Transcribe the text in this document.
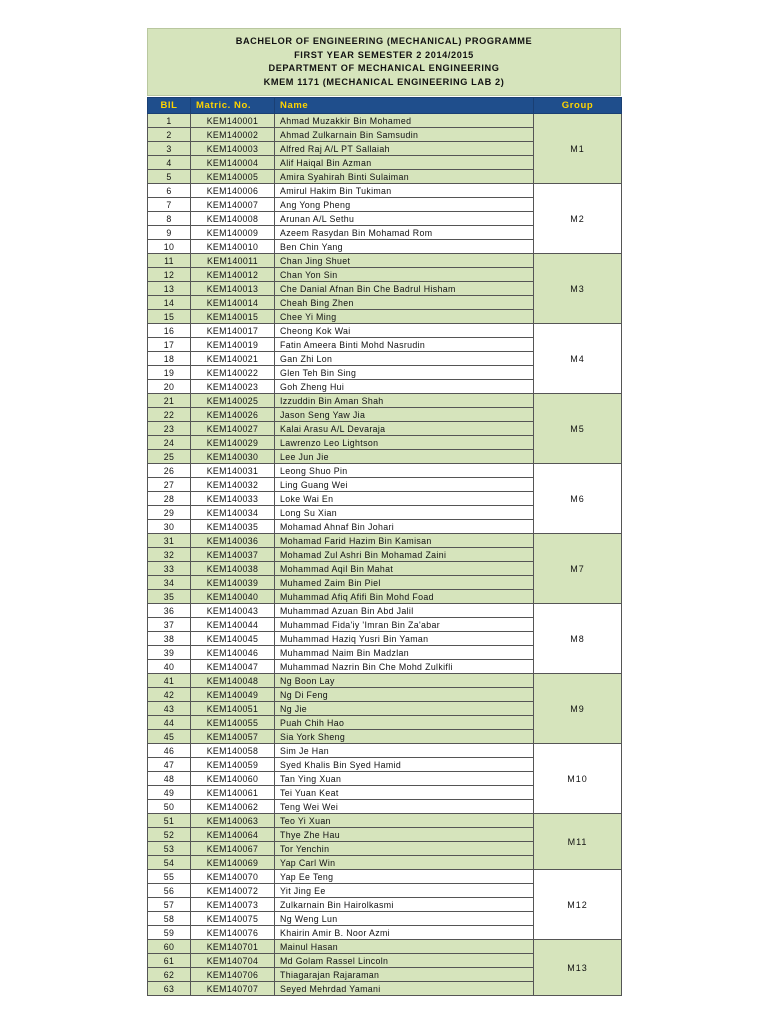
BACHELOR OF ENGINEERING (MECHANICAL) PROGRAMME
FIRST YEAR SEMESTER 2 2014/2015
DEPARTMENT OF MECHANICAL ENGINEERING
KMEM 1171 (MECHANICAL ENGINEERING LAB 2)
BIL	Matric. No.	Name	Group
1	KEM140001	Ahmad Muzakkir Bin Mohamed	M1
2	KEM140002	Ahmad Zulkarnain Bin Samsudin	
3	KEM140003	Alfred Raj A/L PT Sallaiah	
4	KEM140004	Alif Haiqal Bin Azman	
5	KEM140005	Amira Syahirah Binti Sulaiman	
6	KEM140006	Amirul Hakim Bin Tukiman	M2
7	KEM140007	Ang Yong Pheng	
8	KEM140008	Arunan A/L Sethu	
9	KEM140009	Azeem Rasydan Bin Mohamad Rom	
10	KEM140010	Ben Chin Yang	
11	KEM140011	Chan Jing Shuet	M3
12	KEM140012	Chan Yon Sin	
13	KEM140013	Che Danial Afnan Bin Che Badrul Hisham	
14	KEM140014	Cheah Bing Zhen	
15	KEM140015	Chee Yi Ming	
16	KEM140017	Cheong Kok Wai	M4
17	KEM140019	Fatin Ameera Binti Mohd Nasrudin	
18	KEM140021	Gan Zhi Lon	
19	KEM140022	Glen Teh Bin Sing	
20	KEM140023	Goh Zheng Hui	
21	KEM140025	Izzuddin Bin Aman Shah	M5
22	KEM140026	Jason Seng Yaw Jia	
23	KEM140027	Kalai Arasu A/L Devaraja	
24	KEM140029	Lawrenzo Leo Lightson	
25	KEM140030	Lee Jun Jie	
26	KEM140031	Leong Shuo Pin	M6
27	KEM140032	Ling Guang Wei	
28	KEM140033	Loke Wai En	
29	KEM140034	Long Su Xian	
30	KEM140035	Mohamad Ahnaf Bin Johari	
31	KEM140036	Mohamad Farid Hazim Bin Kamisan	M7
32	KEM140037	Mohamad Zul Ashri Bin Mohamad Zaini	
33	KEM140038	Mohammad Aqil Bin Mahat	
34	KEM140039	Muhamed Zaim Bin Piel	
35	KEM140040	Muhammad Afiq Afifi Bin Mohd Foad	
36	KEM140043	Muhammad Azuan Bin Abd Jalil	M8
37	KEM140044	Muhammad Fida'iy 'Imran Bin Za'abar	
38	KEM140045	Muhammad Haziq Yusri Bin Yaman	
39	KEM140046	Muhammad Naim Bin Madzlan	
40	KEM140047	Muhammad Nazrin Bin Che Mohd Zulkifli	
41	KEM140048	Ng Boon Lay	M9
42	KEM140049	Ng Di Feng	
43	KEM140051	Ng Jie	
44	KEM140055	Puah Chih Hao	
45	KEM140057	Sia York Sheng	
46	KEM140058	Sim Je Han	M10
47	KEM140059	Syed Khalis Bin Syed Hamid	
48	KEM140060	Tan Ying Xuan	
49	KEM140061	Tei Yuan Keat	
50	KEM140062	Teng Wei Wei	
51	KEM140063	Teo Yi Xuan	M11
52	KEM140064	Thye Zhe Hau	
53	KEM140067	Tor Yenchin	
54	KEM140069	Yap Carl Win	
55	KEM140070	Yap Ee Teng	M12
56	KEM140072	Yit Jing Ee	
57	KEM140073	Zulkarnain Bin Hairolkasmi	
58	KEM140075	Ng Weng Lun	
59	KEM140076	Khairin Amir B. Noor Azmi	
60	KEM140701	Mainul Hasan	M13
61	KEM140704	Md Golam Rassel Lincoln	
62	KEM140706	Thiagarajan Rajaraman	
63	KEM140707	Seyed Mehrdad Yamani	
